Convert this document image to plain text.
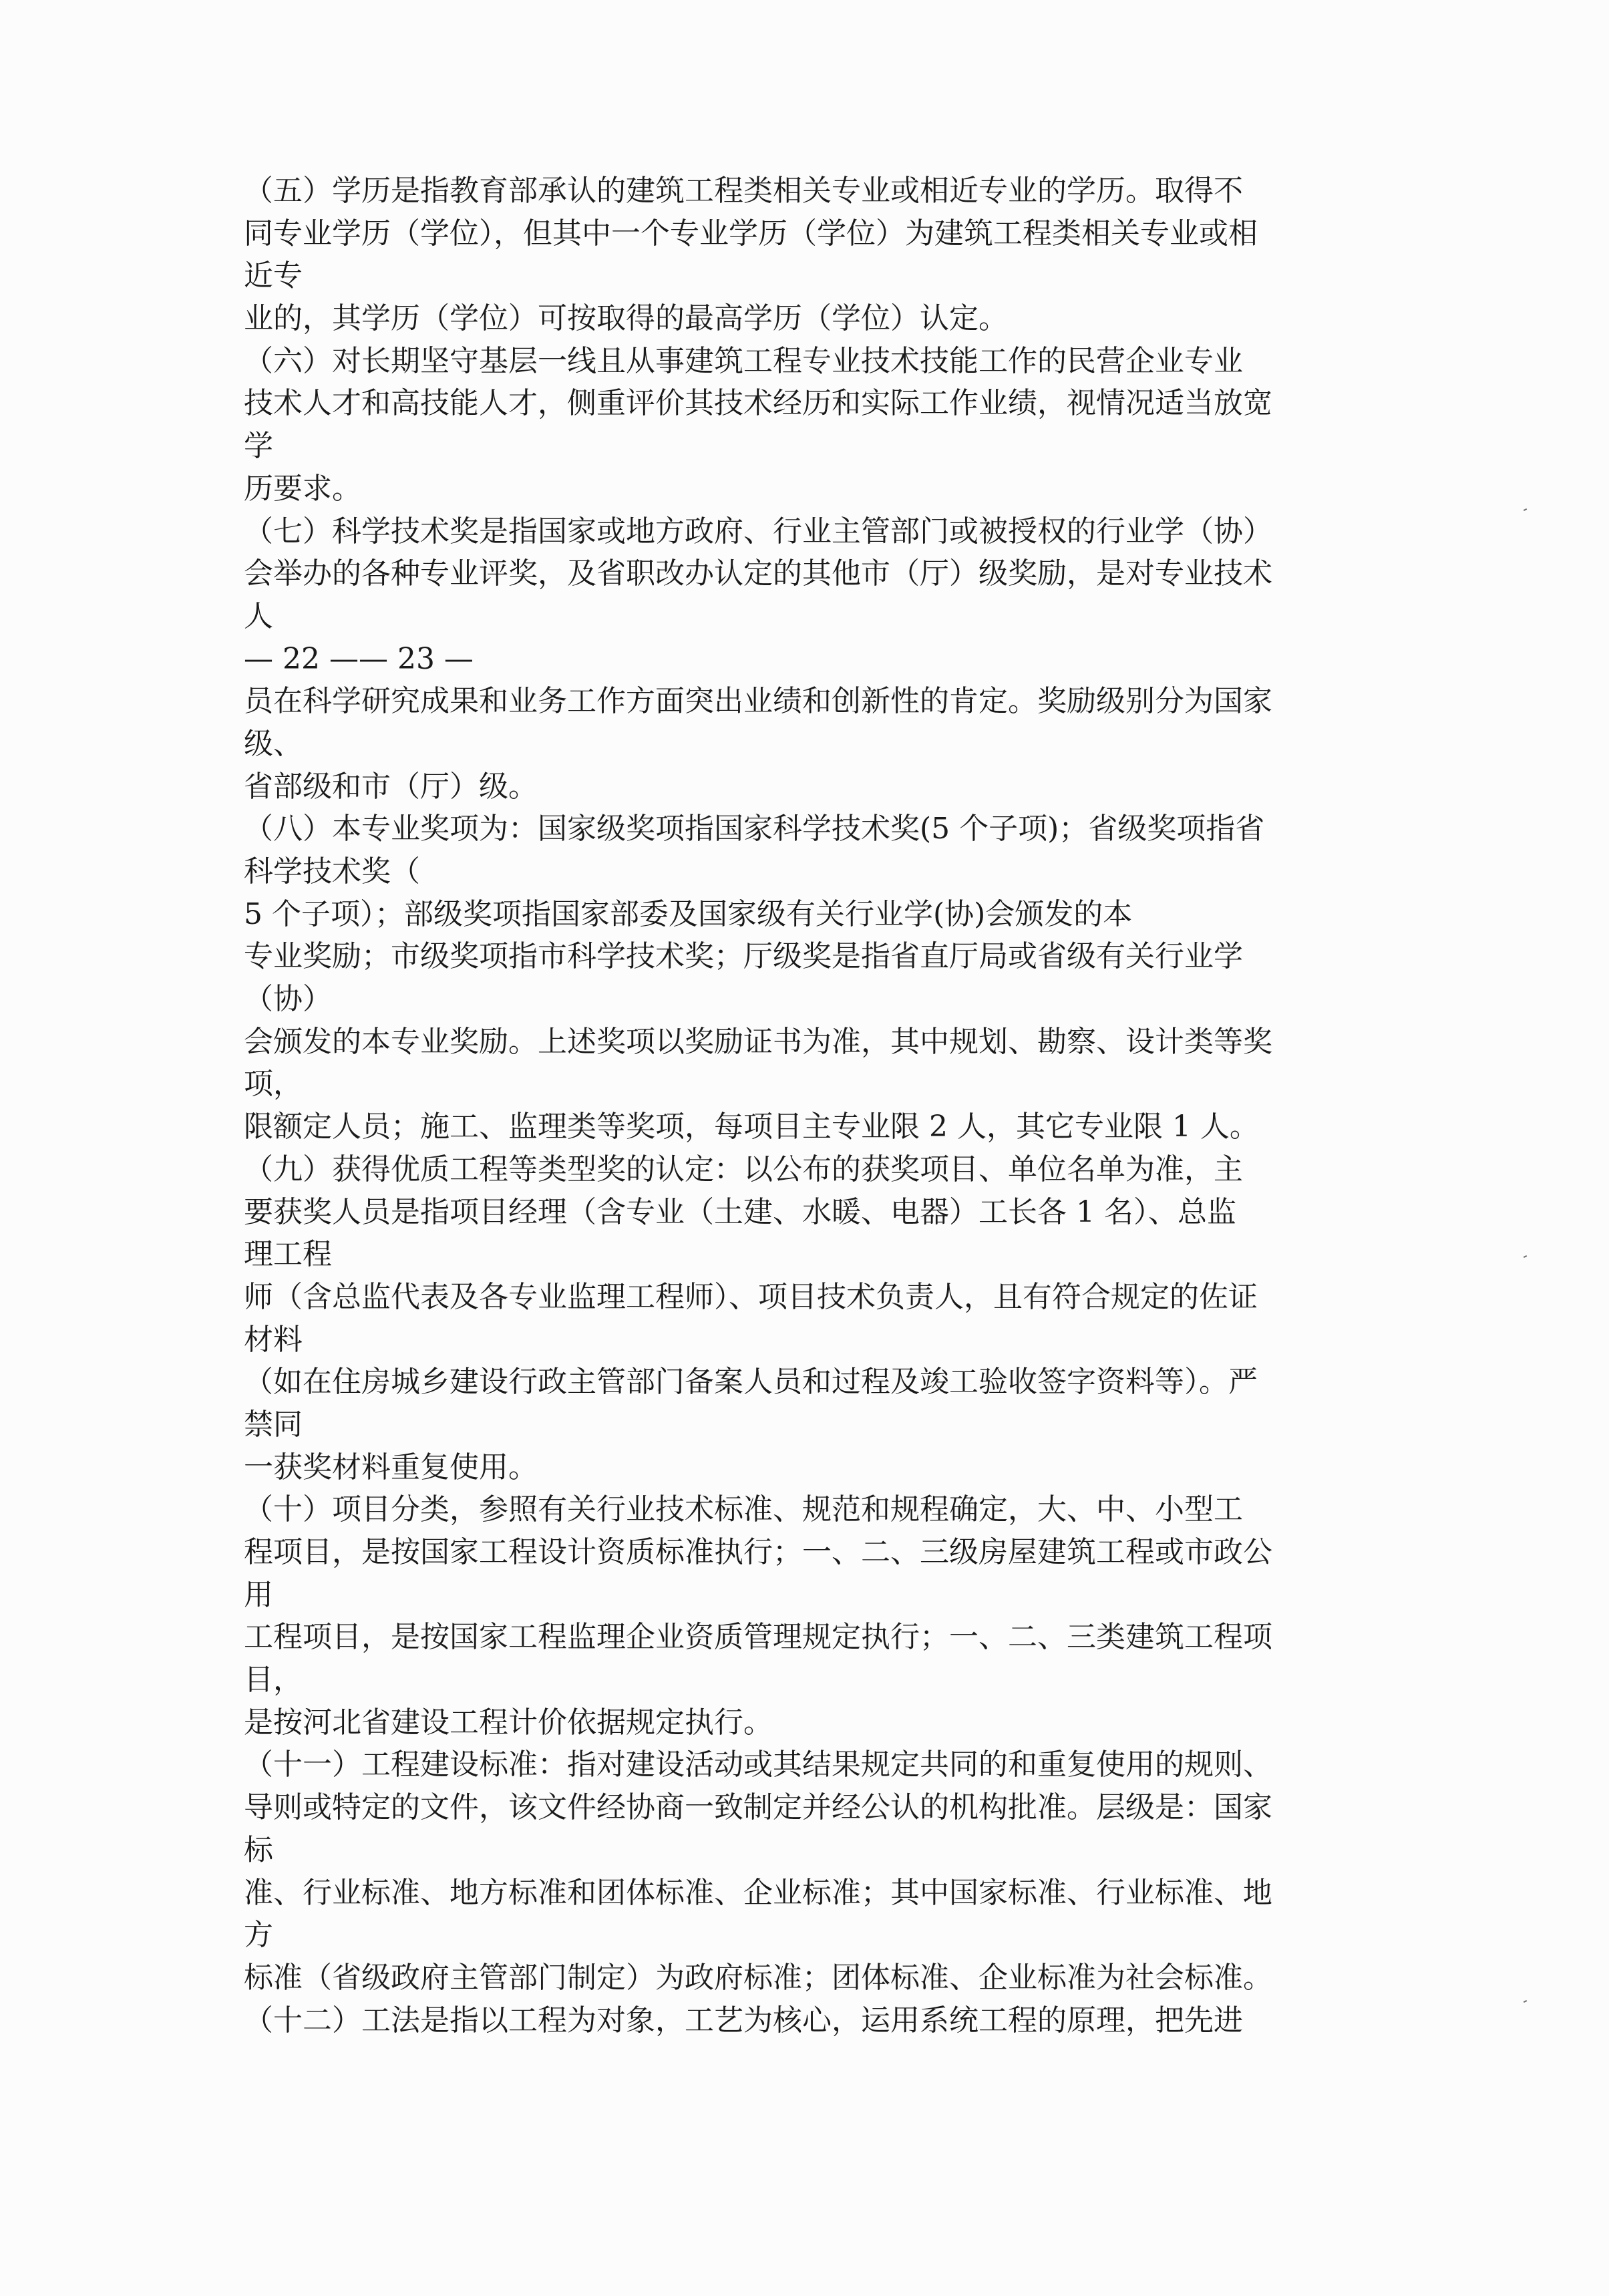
（五）学历是指教育部承认的建筑工程类相关专业或相近专业的学历。取得不
同专业学历（学位），但其中一个专业学历（学位）为建筑工程类相关专业或相
近专
业的，其学历（学位）可按取得的最高学历（学位）认定。
（六）对长期坚守基层一线且从事建筑工程专业技术技能工作的民营企业专业
技术人才和高技能人才，侧重评价其技术经历和实际工作业绩，视情况适当放宽
学
历要求。
（七）科学技术奖是指国家或地方政府、行业主管部门或被授权的行业学（协）
会举办的各种专业评奖，及省职改办认定的其他市（厅）级奖励，是对专业技术
人
— 22 —— 23 —
员在科学研究成果和业务工作方面突出业绩和创新性的肯定。奖励级别分为国家
级、
省部级和市（厅）级。
（八）本专业奖项为：国家级奖项指国家科学技术奖(5 个子项)；省级奖项指省
科学技术奖（
5 个子项）；部级奖项指国家部委及国家级有关行业学(协)会颁发的本
专业奖励；市级奖项指市科学技术奖；厅级奖是指省直厅局或省级有关行业学
（协）
会颁发的本专业奖励。上述奖项以奖励证书为准，其中规划、勘察、设计类等奖
项，
限额定人员；施工、监理类等奖项，每项目主专业限 2 人，其它专业限 1 人。
（九）获得优质工程等类型奖的认定：以公布的获奖项目、单位名单为准，主
要获奖人员是指项目经理（含专业（土建、水暖、电器）工长各 1 名）、总监
理工程
师（含总监代表及各专业监理工程师）、项目技术负责人，且有符合规定的佐证
材料
（如在住房城乡建设行政主管部门备案人员和过程及竣工验收签字资料等）。严
禁同
一获奖材料重复使用。
（十）项目分类，参照有关行业技术标准、规范和规程确定，大、中、小型工
程项目，是按国家工程设计资质标准执行；一、二、三级房屋建筑工程或市政公
用
工程项目，是按国家工程监理企业资质管理规定执行；一、二、三类建筑工程项
目，
是按河北省建设工程计价依据规定执行。
（十一）工程建设标准：指对建设活动或其结果规定共同的和重复使用的规则、
导则或特定的文件，该文件经协商一致制定并经公认的机构批准。层级是：国家
标
准、行业标准、地方标准和团体标准、企业标准；其中国家标准、行业标准、地
方
标准（省级政府主管部门制定）为政府标准；团体标准、企业标准为社会标准。
（十二）工法是指以工程为对象，工艺为核心，运用系统工程的原理，把先进
